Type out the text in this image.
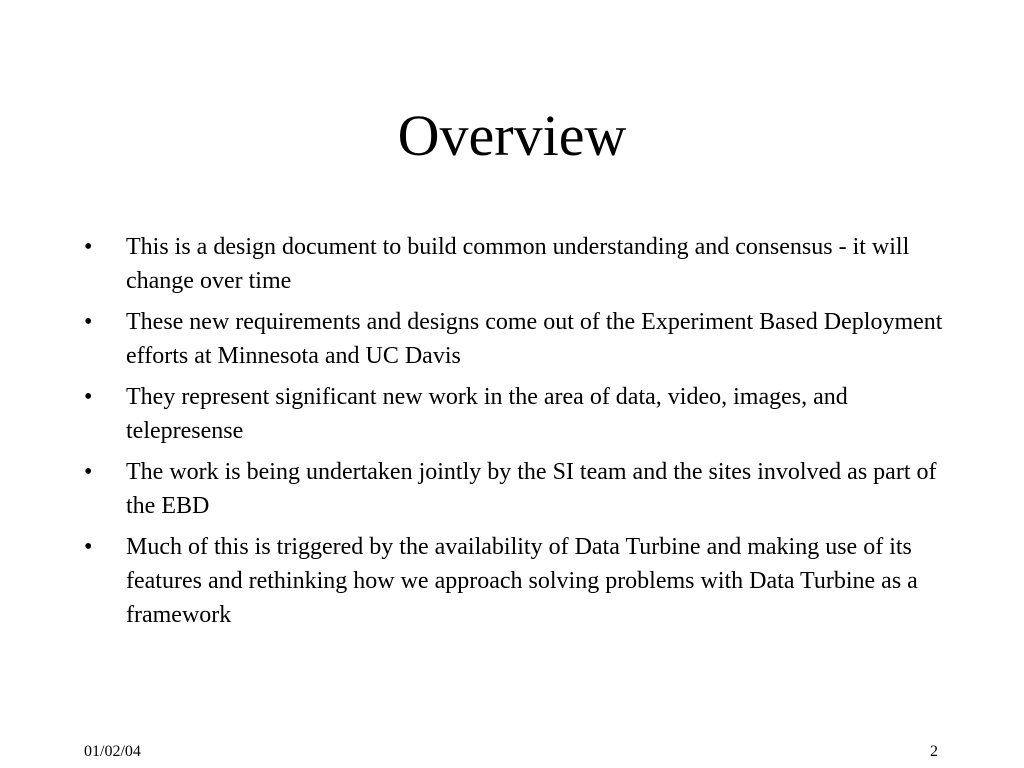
Overview
•	This is a design document to build common understanding and consensus - it will change over time
•	These new requirements and designs come out of the Experiment Based Deployment efforts at Minnesota and UC Davis
•	They represent significant new work in the area of data, video, images, and telepresense
•	The work is being undertaken jointly by the SI team and the sites involved as part of the EBD
•	Much of this is triggered by the availability of Data Turbine and making use of its features and rethinking how we approach solving problems with Data Turbine as a framework
01/02/04	2
